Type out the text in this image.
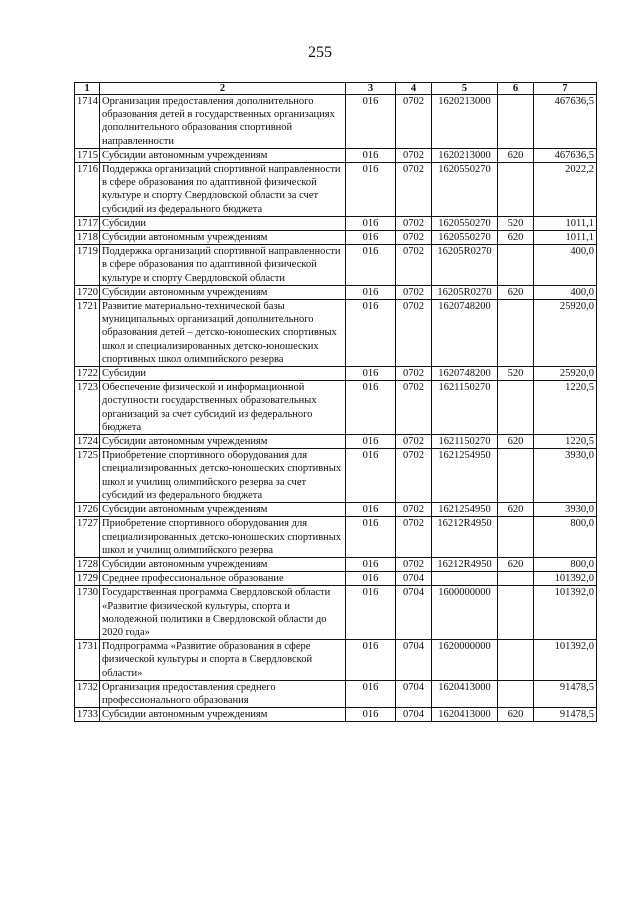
255
1	2	3	4	5	6	7
1714	Организация предоставления дополнительного образования детей в государственных организациях дополнительного образования спортивной направленности	016	0702	1620213000		467636,5
1715	Субсидии автономным учреждениям	016	0702	1620213000	620	467636,5
1716	Поддержка организаций спортивной направленности в сфере образования по адаптивной физической культуре и спорту Свердловской области за счет субсидий из федерального бюджета	016	0702	1620550270		2022,2
1717	Субсидии	016	0702	1620550270	520	1011,1
1718	Субсидии автономным учреждениям	016	0702	1620550270	620	1011,1
1719	Поддержка организаций спортивной направленности в сфере образования по адаптивной физической культуре и спорту Свердловской области	016	0702	16205R0270		400,0
1720	Субсидии автономным учреждениям	016	0702	16205R0270	620	400,0
1721	Развитие материально-технической базы муниципальных организаций дополнительного образования детей – детско-юношеских спортивных школ и специализированных детско-юношеских спортивных школ олимпийского резерва	016	0702	1620748200		25920,0
1722	Субсидии	016	0702	1620748200	520	25920,0
1723	Обеспечение физической и информационной доступности государственных образовательных организаций за счет субсидий из федерального бюджета	016	0702	1621150270		1220,5
1724	Субсидии автономным учреждениям	016	0702	1621150270	620	1220,5
1725	Приобретение спортивного оборудования для специализированных детско-юношеских спортивных школ и училищ олимпийского резерва за счет субсидий из федерального бюджета	016	0702	1621254950		3930,0
1726	Субсидии автономным учреждениям	016	0702	1621254950	620	3930,0
1727	Приобретение спортивного оборудования для специализированных детско-юношеских спортивных школ и училищ олимпийского резерва	016	0702	16212R4950		800,0
1728	Субсидии автономным учреждениям	016	0702	16212R4950	620	800,0
1729	Среднее профессиональное образование	016	0704			101392,0
1730	Государственная программа Свердловской области «Развитие физической культуры, спорта и молодежной политики в Свердловской области до 2020 года»	016	0704	1600000000		101392,0
1731	Подпрограмма «Развитие образования в сфере физической культуры и спорта в Свердловской области»	016	0704	1620000000		101392,0
1732	Организация предоставления среднего профессионального образования	016	0704	1620413000		91478,5
1733	Субсидии автономным учреждениям	016	0704	1620413000	620	91478,5
